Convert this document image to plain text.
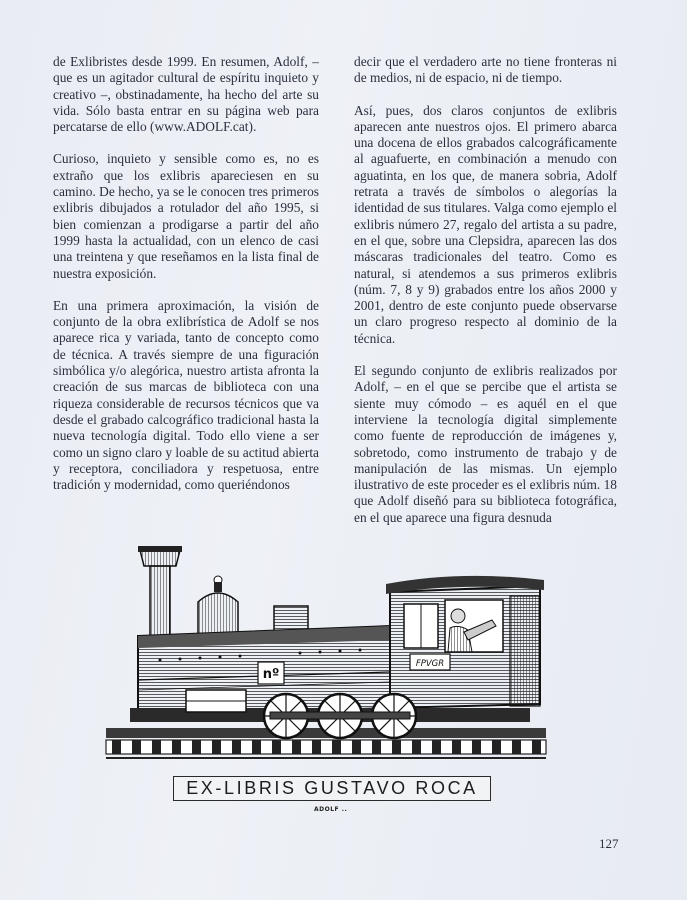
de Exlibristes desde 1999. En resumen, Adolf, – que es un agitador cultural de espíritu inquieto y creativo –, obstinadamente, ha hecho del arte su vida. Sólo basta entrar en su página web para percatarse de ello (www.ADOLF.cat).

Curioso, inquieto y sensible como es, no es extraño que los exlibris apareciesen en su camino. De hecho, ya se le conocen tres primeros exlibris dibujados a rotulador del año 1995, si bien comienzan a prodigarse a partir del año 1999 hasta la actualidad, con un elenco de casi una treintena y que reseñamos en la lista final de nuestra exposición.

En una primera aproximación, la visión de conjunto de la obra exlibrística de Adolf se nos aparece rica y variada, tanto de concepto como de técnica. A través siempre de una figuración simbólica y/o alegórica, nuestro artista afronta la creación de sus marcas de biblioteca con una riqueza considerable de recursos técnicos que va desde el grabado calcográfico tradicional hasta la nueva tecnología digital. Todo ello viene a ser como un signo claro y loable de su actitud abierta y receptora, conciliadora y respetuosa, entre tradición y modernidad, como queriéndonos

decir que el verdadero arte no tiene fronteras ni de medios, ni de espacio, ni de tiempo.

Así, pues, dos claros conjuntos de exlibris aparecen ante nuestros ojos. El primero abarca una docena de ellos grabados calcográficamente al aguafuerte, en combinación a menudo con aguatinta, en los que, de manera sobria, Adolf retrata a través de símbolos o alegorías la identidad de sus titulares. Valga como ejemplo el exlibris número 27, regalo del artista a su padre, en el que, sobre una Clepsidra, aparecen las dos máscaras tradicionales del teatro. Como es natural, si atendemos a sus primeros exlibris (núm. 7, 8 y 9) grabados entre los años 2000 y 2001, dentro de este conjunto puede observarse un claro progreso respecto al dominio de la técnica.

El segundo conjunto de exlibris realizados por Adolf, – en el que se percibe que el artista se siente muy cómodo – es aquél en el que interviene la tecnología digital simplemente como fuente de reproducción de imágenes y, sobretodo, como instrumento de trabajo y de manipulación de las mismas. Un ejemplo ilustrativo de este proceder es el exlibris núm. 18 que Adolf diseñó para su biblioteca fotográfica, en el que aparece una figura desnuda

nº
FPVGR
EX-LIBRIS GUSTAVO ROCA
ADOLF ..
127
